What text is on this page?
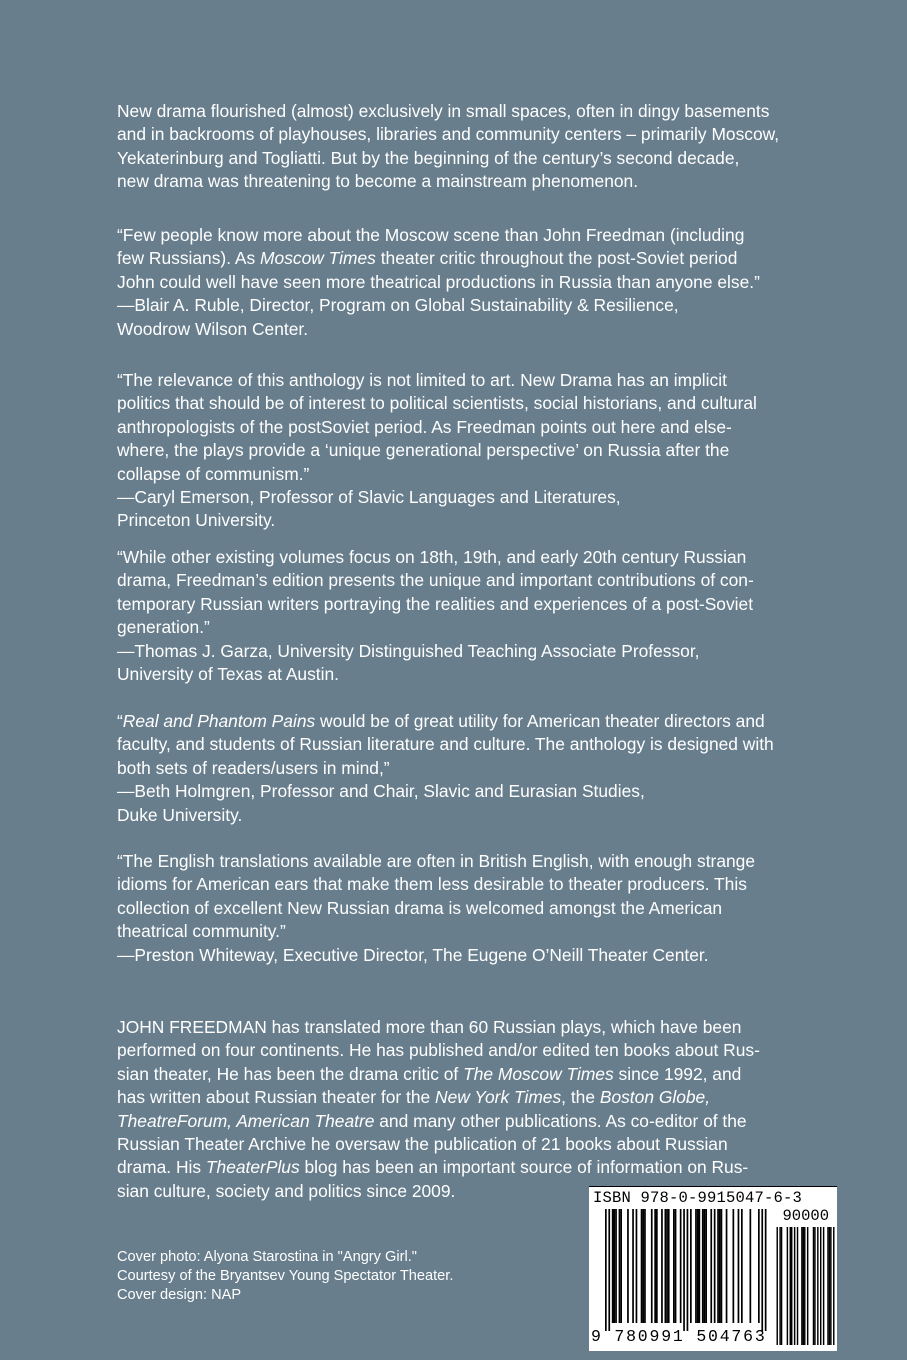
New drama flourished (almost) exclusively in small spaces, often in dingy basements
and in backrooms of playhouses, libraries and community centers – primarily Moscow,
Yekaterinburg and Togliatti. But by the beginning of the century’s second decade,
new drama was threatening to become a mainstream phenomenon.
“Few people know more about the Moscow scene than John Freedman (including
few Russians). As Moscow Times theater critic throughout the post-Soviet period
John could well have seen more theatrical productions in Russia than anyone else.”
—Blair A. Ruble, Director, Program on Global Sustainability & Resilience,
Woodrow Wilson Center.
“The relevance of this anthology is not limited to art. New Drama has an implicit
politics that should be of interest to political scientists, social historians, and cultural
anthropologists of the postSoviet period. As Freedman points out here and else-
where, the plays provide a ‘unique generational perspective’ on Russia after the
collapse of communism.”
—Caryl Emerson, Professor of Slavic Languages and Literatures,
Princeton University.
“While other existing volumes focus on 18th, 19th, and early 20th century Russian
drama, Freedman’s edition presents the unique and important contributions of con-
temporary Russian writers portraying the realities and experiences of a post-Soviet
generation.”
—Thomas J. Garza, University Distinguished Teaching Associate Professor,
University of Texas at Austin.
“Real and Phantom Pains would be of great utility for American theater directors and
faculty, and students of Russian literature and culture. The anthology is designed with
both sets of readers/users in mind,”
—Beth Holmgren, Professor and Chair, Slavic and Eurasian Studies,
Duke University.
“The English translations available are often in British English, with enough strange
idioms for American ears that make them less desirable to theater producers. This
collection of excellent New Russian drama is welcomed amongst the American
theatrical community.”
—Preston Whiteway, Executive Director, The Eugene O’Neill Theater Center.
JOHN FREEDMAN has translated more than 60 Russian plays, which have been
performed on four continents. He has published and/or edited ten books about Rus-
sian theater, He has been the drama critic of The Moscow Times since 1992, and
has written about Russian theater for the New York Times, the Boston Globe,
TheatreForum, American Theatre and many other publications. As co-editor of the
Russian Theater Archive he oversaw the publication of 21 books about Russian
drama. His TheaterPlus blog has been an important source of information on Rus-
sian culture, society and politics since 2009.
Cover photo: Alyona Starostina in "Angry Girl."
Courtesy of the Bryantsev Young Spectator Theater.
Cover design: NAP
ISBN 978-0-9915047-6-3
90000
9 780991 504763
